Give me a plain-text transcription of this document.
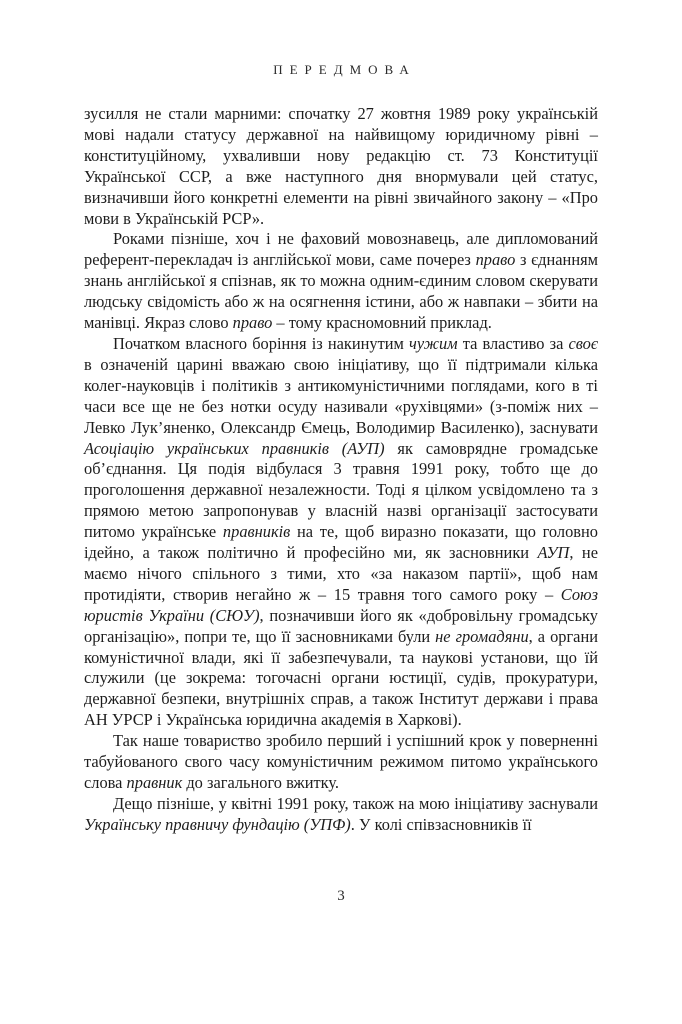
ПЕРЕДМОВА

зусилля не стали марними: спочатку 27 жовтня 1989 року українській мові надали статусу державної на найвищому юридичному рівні – конституційному, ухваливши нову редакцію ст. 73 Конституції Української ССР, а вже наступного дня внормували цей статус, визначивши його конкретні елементи на рівні звичайного закону – «Про мови в Українській РСР».

Роками пізніше, хоч і не фаховий мовознавець, але дипломований референт-перекладач із англійської мови, саме почерез право з єднанням знань англійської я спізнав, як то можна одним-єдиним словом скерувати людську свідомість або ж на осягнення істини, або ж навпаки – збити на манівці. Якраз слово право – тому красномовний приклад.

Початком власного боріння із накинутим чужим та властиво за своє в означеній царині вважаю свою ініціативу, що її підтримали кілька колег-науковців і політиків з антикомуністичними поглядами, кого в ті часи все ще не без нотки осуду називали «рухівцями» (з-поміж них – Левко Лук’яненко, Олександр Ємець, Володимир Василенко), заснувати Асоціацію українських правників (АУП) як самоврядне громадське об’єднання. Ця подія відбулася 3 травня 1991 року, тобто ще до проголошення державної незалежности. Тоді я цілком усвідомлено та з прямою метою запропонував у власній назві організації застосувати питомо українське правників на те, щоб виразно показати, що головно ідейно, а також політично й професійно ми, як засновники АУП, не маємо нічого спільного з тими, хто «за наказом партії», щоб нам протидіяти, створив негайно ж – 15 травня того самого року – Союз юристів України (СЮУ), позначивши його як «добровільну громадську організацію», попри те, що її засновниками були не громадяни, а органи комуністичної влади, які її забезпечували, та наукові установи, що їй служили (це зокрема: тогочасні органи юстиції, судів, прокуратури, державної безпеки, внутрішніх справ, а також Інститут держави і права АН УРСР і Українська юридична академія в Харкові).

Так наше товариство зробило перший і успішний крок у поверненні табуйованого свого часу комуністичним режимом питомо українського слова правник до загального вжитку.

Дещо пізніше, у квітні 1991 року, також на мою ініціативу заснували Українську правничу фундацію (УПФ). У колі співзасновників її

3
